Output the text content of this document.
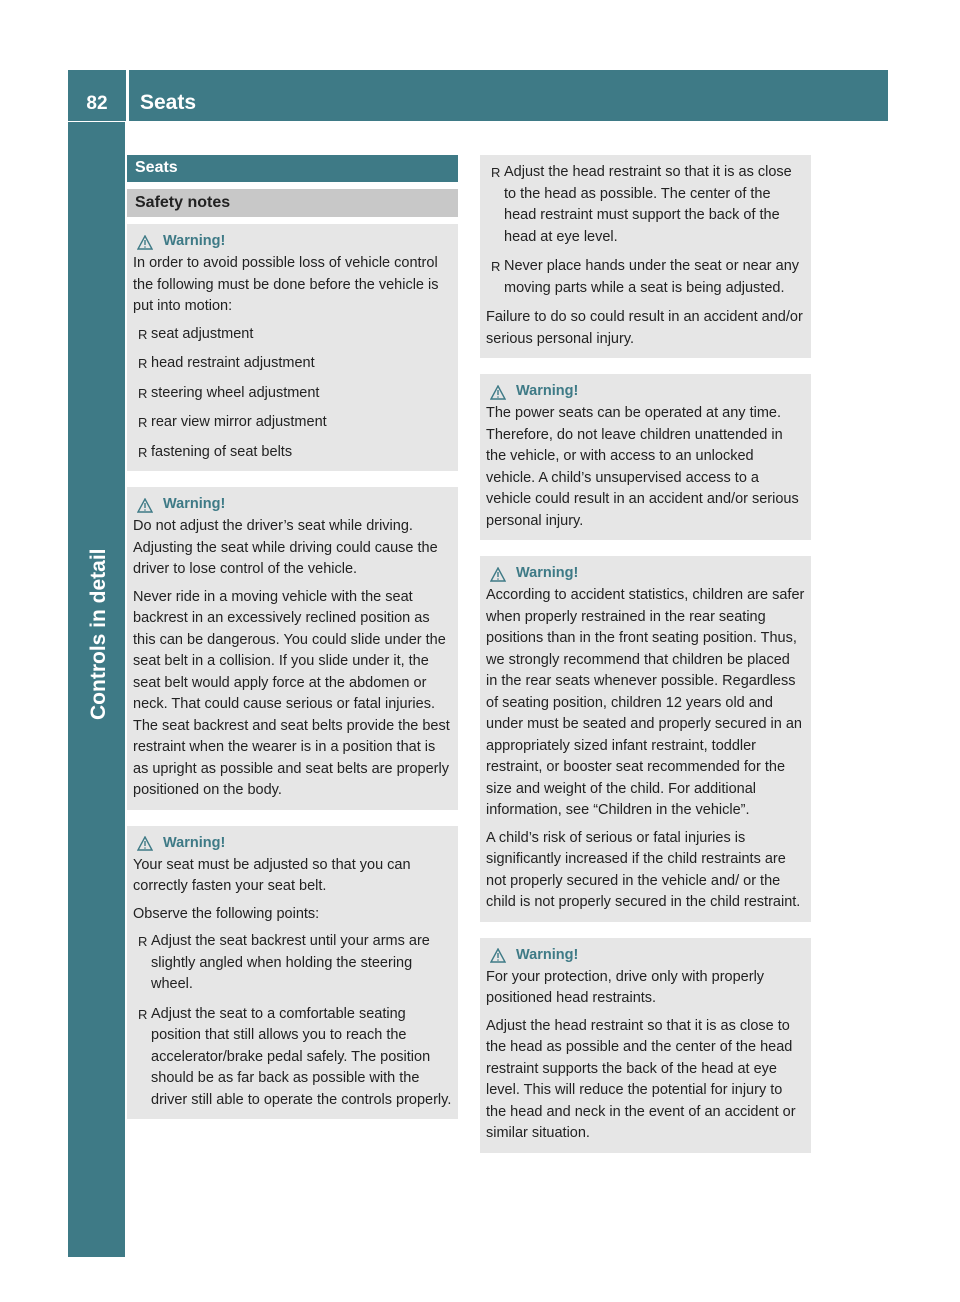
82	Seats
Controls in detail
Seats
Safety notes
Warning!
In order to avoid possible loss of vehicle control the following must be done before the vehicle is put into motion:
R seat adjustment
R head restraint adjustment
R steering wheel adjustment
R rear view mirror adjustment
R fastening of seat belts
Warning!
Do not adjust the driver’s seat while driving. Adjusting the seat while driving could cause the driver to lose control of the vehicle.
Never ride in a moving vehicle with the seat backrest in an excessively reclined position as this can be dangerous. You could slide under the seat belt in a collision. If you slide under it, the seat belt would apply force at the abdomen or neck. That could cause serious or fatal injuries. The seat backrest and seat belts provide the best restraint when the wearer is in a position that is as upright as possible and seat belts are properly positioned on the body.
Warning!
Your seat must be adjusted so that you can correctly fasten your seat belt.
Observe the following points:
R Adjust the seat backrest until your arms are slightly angled when holding the steering wheel.
R Adjust the seat to a comfortable seating position that still allows you to reach the accelerator/brake pedal safely. The position should be as far back as possible with the driver still able to operate the controls properly.
R Adjust the head restraint so that it is as close to the head as possible. The center of the head restraint must support the back of the head at eye level.
R Never place hands under the seat or near any moving parts while a seat is being adjusted.
Failure to do so could result in an accident and/or serious personal injury.
Warning!
The power seats can be operated at any time. Therefore, do not leave children unattended in the vehicle, or with access to an unlocked vehicle. A child’s unsupervised access to a vehicle could result in an accident and/or serious personal injury.
Warning!
According to accident statistics, children are safer when properly restrained in the rear seating positions than in the front seating position. Thus, we strongly recommend that children be placed in the rear seats whenever possible. Regardless of seating position, children 12 years old and under must be seated and properly secured in an appropriately sized infant restraint, toddler restraint, or booster seat recommended for the size and weight of the child. For additional information, see “Children in the vehicle”.
A child’s risk of serious or fatal injuries is significantly increased if the child restraints are not properly secured in the vehicle and/ or the child is not properly secured in the child restraint.
Warning!
For your protection, drive only with properly positioned head restraints.
Adjust the head restraint so that it is as close to the head as possible and the center of the head restraint supports the back of the head at eye level. This will reduce the potential for injury to the head and neck in the event of an accident or similar situation.
